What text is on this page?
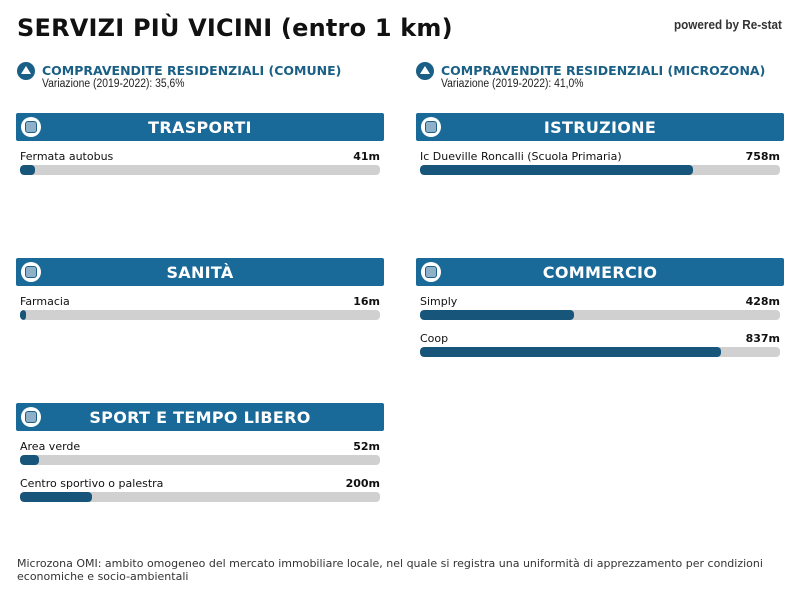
SERVIZI PIÙ VICINI (entro 1 km)	powered by Re-stat
COMPRAVENDITE RESIDENZIALI (COMUNE)
Variazione (2019-2022): 35,6%
COMPRAVENDITE RESIDENZIALI (MICROZONA)
Variazione (2019-2022): 41,0%
TRASPORTI
Fermata autobus	41m
ISTRUZIONE
Ic Dueville Roncalli (Scuola Primaria)	758m
SANITÀ
Farmacia	16m
COMMERCIO
Simply	428m
Coop	837m
SPORT E TEMPO LIBERO
Area verde	52m
Centro sportivo o palestra	200m
Microzona OMI: ambito omogeneo del mercato immobiliare locale, nel quale si registra una uniformità di apprezzamento per condizioni economiche e socio-ambientali
